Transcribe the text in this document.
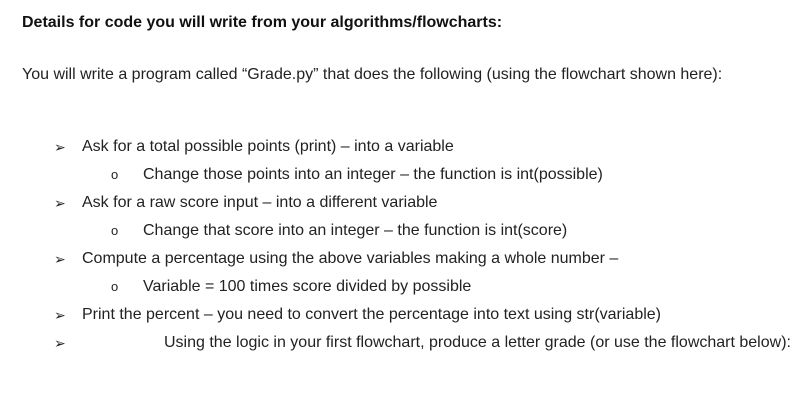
Details for code you will write from your algorithms/flowcharts:
You will write a program called “Grade.py” that does the following (using the flowchart shown here):
➢ Ask for a total possible points (print) – into a variable
o Change those points into an integer – the function is int(possible)
➢ Ask for a raw score input – into a different variable
o Change that score into an integer – the function is int(score)
➢ Compute a percentage using the above variables making a whole number –
o Variable = 100 times score divided by possible
➢ Print the percent – you need to convert the percentage into text using str(variable)
➢	Using the logic in your first flowchart, produce a letter grade (or use the flowchart below):
